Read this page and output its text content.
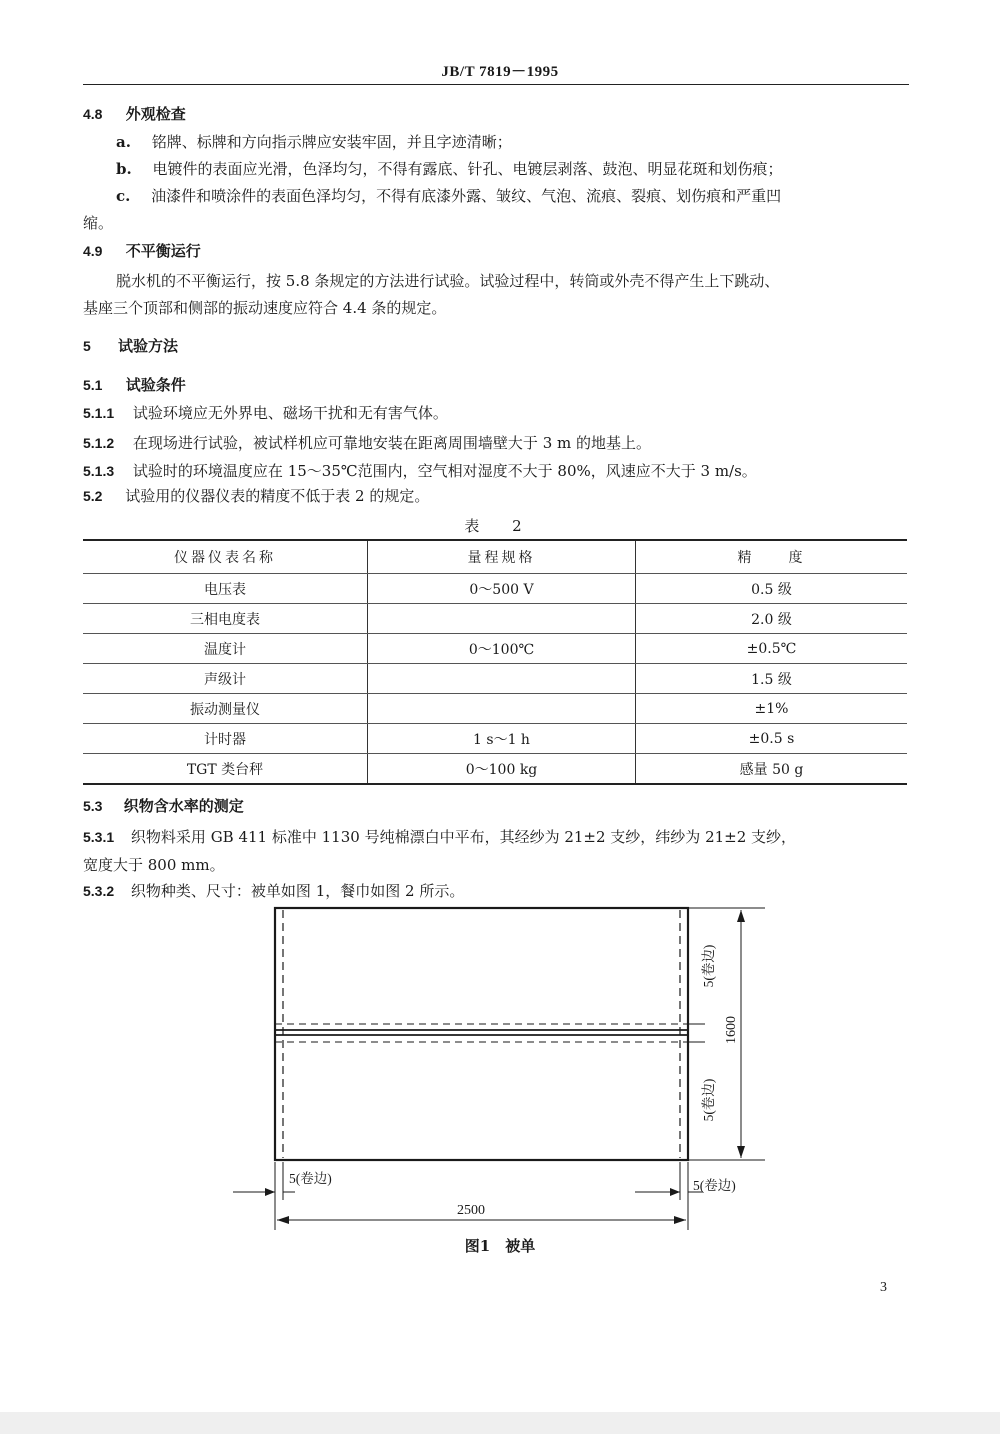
JB/T 7819－1995
4.8 外观检查
a. 铭牌、标牌和方向指示牌应安装牢固，并且字迹清晰；
b. 电镀件的表面应光滑，色泽均匀，不得有露底、针孔、电镀层剥落、鼓泡、明显花斑和划伤痕；
c. 油漆件和喷涂件的表面色泽均匀，不得有底漆外露、皱纹、气泡、流痕、裂痕、划伤痕和严重凹
缩。
4.9 不平衡运行
脱水机的不平衡运行，按 5.8 条规定的方法进行试验。试验过程中，转筒或外壳不得产生上下跳动、
基座三个顶部和侧部的振动速度应符合 4.4 条的规定。
5 试验方法
5.1 试验条件
5.1.1 试验环境应无外界电、磁场干扰和无有害气体。
5.1.2 在现场进行试验，被试样机应可靠地安装在距离周围墙壁大于 3 m 的地基上。
5.1.3 试验时的环境温度应在 15～35℃范围内，空气相对湿度不大于 80%，风速应不大于 3 m/s。
5.2 试验用的仪器仪表的精度不低于表 2 的规定。
表 2
仪器仪表名称	量程规格	精　　度
电压表	0～500 V	0.5 级
三相电度表		2.0 级
温度计	0～100℃	±0.5℃
声级计		1.5 级
振动测量仪		±1%
计时器	1 s～1 h	±0.5 s
TGT 类台秤	0～100 kg	感量 50 g
5.3 织物含水率的测定
5.3.1 织物料采用 GB 411 标准中 1130 号纯棉漂白中平布，其经纱为 21±2 支纱，纬纱为 21±2 支纱，
宽度大于 800 mm。
5.3.2 织物种类、尺寸：被单如图 1，餐巾如图 2 所示。
2500
5(卷边)	5(卷边)
1600
5(卷边)
5(卷边)
图1　被单
3
